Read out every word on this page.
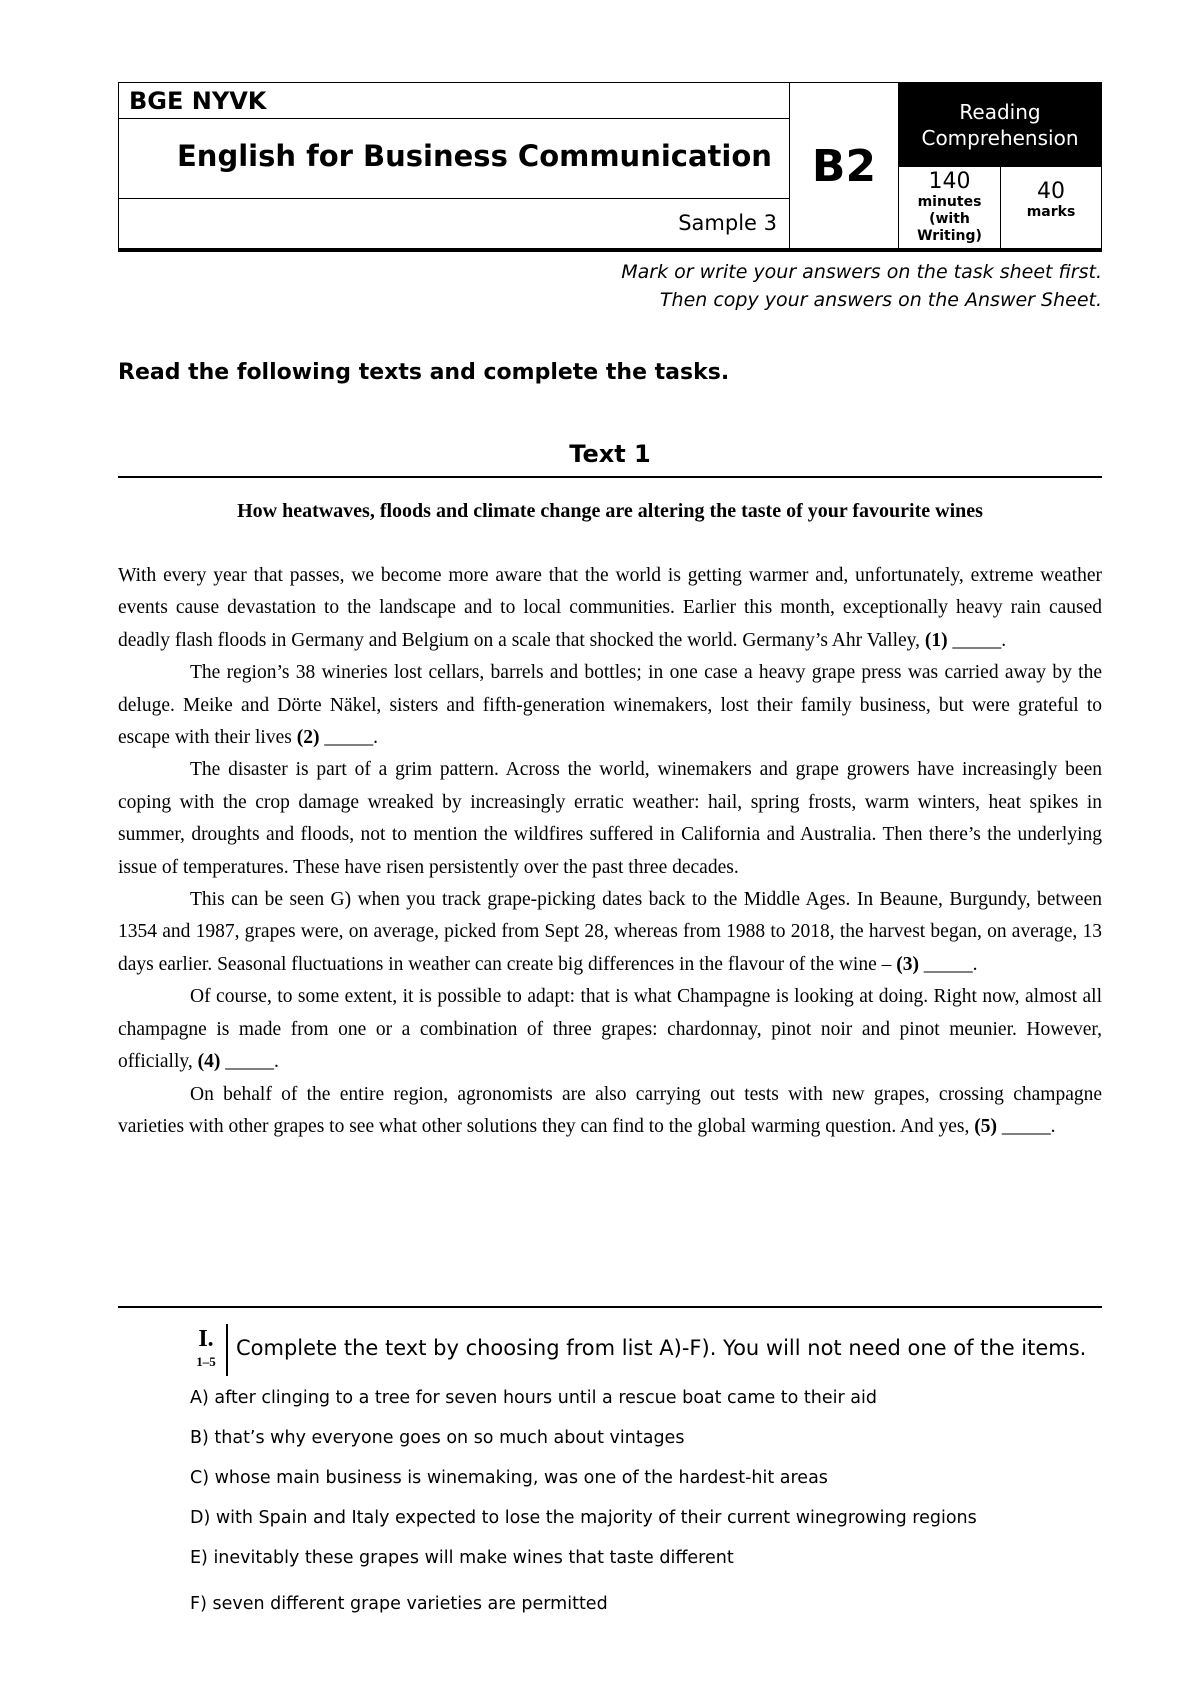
BGE NYVK
English for Business Communication
Sample 3
B2
Reading Comprehension
140
minutes
(with
Writing)
40
marks
Mark or write your answers on the task sheet first.
Then copy your answers on the Answer Sheet.
Read the following texts and complete the tasks.
Text 1
How heatwaves, floods and climate change are altering the taste of your favourite wines

With every year that passes, we become more aware that the world is getting warmer and, unfortunately, extreme weather events cause devastation to the landscape and to local communities. Earlier this month, exceptionally heavy rain caused deadly flash floods in Germany and Belgium on a scale that shocked the world. Germany’s Ahr Valley, (1) _____.

The region’s 38 wineries lost cellars, barrels and bottles; in one case a heavy grape press was carried away by the deluge. Meike and Dörte Näkel, sisters and fifth-generation winemakers, lost their family business, but were grateful to escape with their lives (2) _____.

The disaster is part of a grim pattern. Across the world, winemakers and grape growers have increasingly been coping with the crop damage wreaked by increasingly erratic weather: hail, spring frosts, warm winters, heat spikes in summer, droughts and floods, not to mention the wildfires suffered in California and Australia. Then there’s the underlying issue of temperatures. These have risen persistently over the past three decades.

This can be seen G) when you track grape-picking dates back to the Middle Ages. In Beaune, Burgundy, between 1354 and 1987, grapes were, on average, picked from Sept 28, whereas from 1988 to 2018, the harvest began, on average, 13 days earlier. Seasonal fluctuations in weather can create big differences in the flavour of the wine – (3) _____.

Of course, to some extent, it is possible to adapt: that is what Champagne is looking at doing. Right now, almost all champagne is made from one or a combination of three grapes: chardonnay, pinot noir and pinot meunier. However, officially, (4) _____.

On behalf of the entire region, agronomists are also carrying out tests with new grapes, crossing champagne varieties with other grapes to see what other solutions they can find to the global warming question. And yes, (5) _____.

I.
1–5
Complete the text by choosing from list A)-F). You will not need one of the items.
A) after clinging to a tree for seven hours until a rescue boat came to their aid
B) that’s why everyone goes on so much about vintages
C) whose main business is winemaking, was one of the hardest-hit areas
D) with Spain and Italy expected to lose the majority of their current winegrowing regions
E) inevitably these grapes will make wines that taste different
F) seven different grape varieties are permitted
